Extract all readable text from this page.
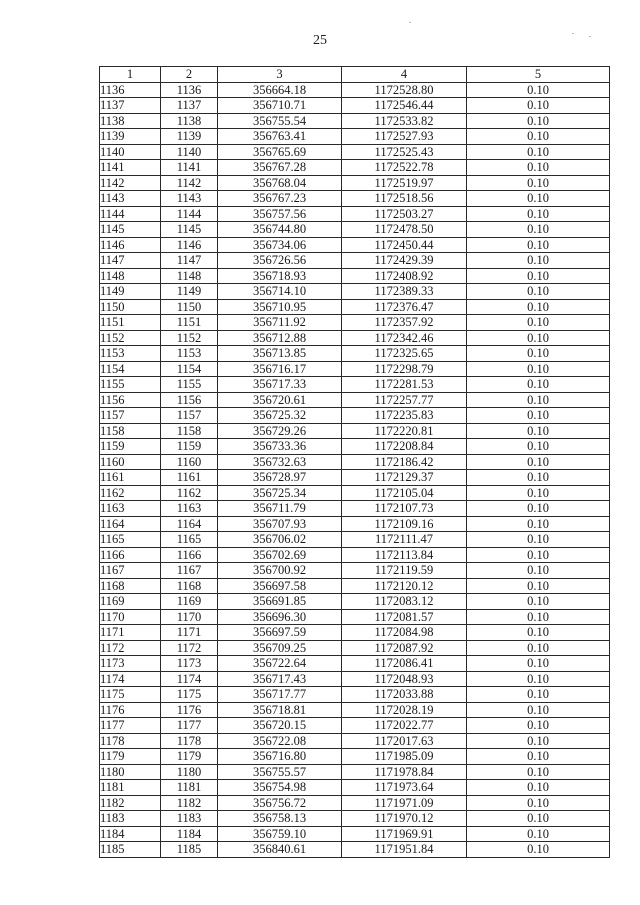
25
1	2	3	4	5
1136	1136	356664.18	1172528.80	0.10
1137	1137	356710.71	1172546.44	0.10
1138	1138	356755.54	1172533.82	0.10
1139	1139	356763.41	1172527.93	0.10
1140	1140	356765.69	1172525.43	0.10
1141	1141	356767.28	1172522.78	0.10
1142	1142	356768.04	1172519.97	0.10
1143	1143	356767.23	1172518.56	0.10
1144	1144	356757.56	1172503.27	0.10
1145	1145	356744.80	1172478.50	0.10
1146	1146	356734.06	1172450.44	0.10
1147	1147	356726.56	1172429.39	0.10
1148	1148	356718.93	1172408.92	0.10
1149	1149	356714.10	1172389.33	0.10
1150	1150	356710.95	1172376.47	0.10
1151	1151	356711.92	1172357.92	0.10
1152	1152	356712.88	1172342.46	0.10
1153	1153	356713.85	1172325.65	0.10
1154	1154	356716.17	1172298.79	0.10
1155	1155	356717.33	1172281.53	0.10
1156	1156	356720.61	1172257.77	0.10
1157	1157	356725.32	1172235.83	0.10
1158	1158	356729.26	1172220.81	0.10
1159	1159	356733.36	1172208.84	0.10
1160	1160	356732.63	1172186.42	0.10
1161	1161	356728.97	1172129.37	0.10
1162	1162	356725.34	1172105.04	0.10
1163	1163	356711.79	1172107.73	0.10
1164	1164	356707.93	1172109.16	0.10
1165	1165	356706.02	1172111.47	0.10
1166	1166	356702.69	1172113.84	0.10
1167	1167	356700.92	1172119.59	0.10
1168	1168	356697.58	1172120.12	0.10
1169	1169	356691.85	1172083.12	0.10
1170	1170	356696.30	1172081.57	0.10
1171	1171	356697.59	1172084.98	0.10
1172	1172	356709.25	1172087.92	0.10
1173	1173	356722.64	1172086.41	0.10
1174	1174	356717.43	1172048.93	0.10
1175	1175	356717.77	1172033.88	0.10
1176	1176	356718.81	1172028.19	0.10
1177	1177	356720.15	1172022.77	0.10
1178	1178	356722.08	1172017.63	0.10
1179	1179	356716.80	1171985.09	0.10
1180	1180	356755.57	1171978.84	0.10
1181	1181	356754.98	1171973.64	0.10
1182	1182	356756.72	1171971.09	0.10
1183	1183	356758.13	1171970.12	0.10
1184	1184	356759.10	1171969.91	0.10
1185	1185	356840.61	1171951.84	0.10
